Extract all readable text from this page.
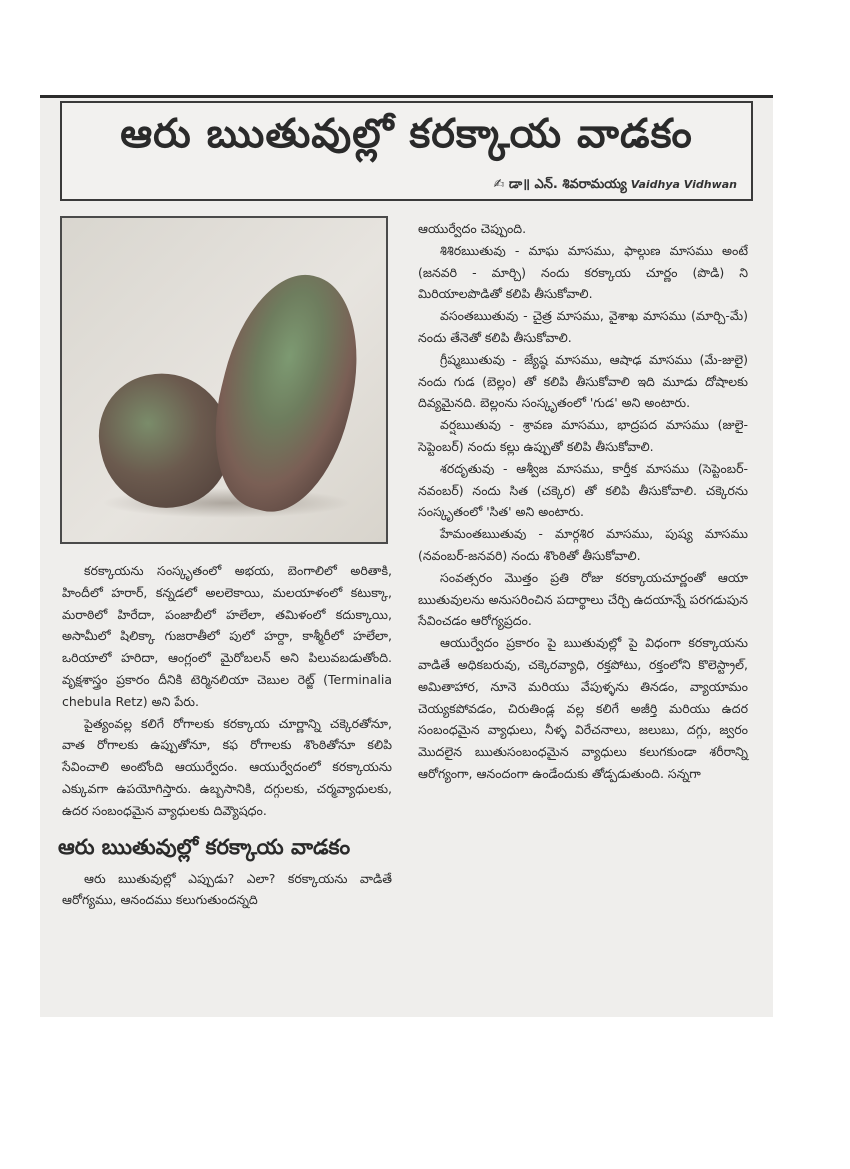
ఆరు ఋతువుల్లో కరక్కాయ వాడకం
✍ డా॥ ఎన్. శివరామయ్య Vaidhya Vidhwan

కరక్కాయను సంస్కృతంలో అభయ, బెంగాలిలో అరితాకి, హిందీలో హరార్, కన్నడలో అలలెకాయి, మలయాళంలో కటుక్కా, మరాఠిలో హిరేదా, పంజాబీలో హలేలా, తమిళంలో కదుక్కాయి, అసామీలో షిలిక్కా గుజరాతీలో పులో హర్దా, కాశ్మీరీలో హలేలా, ఒరియాలో హరిదా, ఆంగ్లంలో మైరోబలన్ అని పిలువబడుతోంది. వృక్షశాస్త్రం ప్రకారం దీనికి టెర్మినలియా చెబుల రెట్జ్ (Terminalia chebula Retz) అని పేరు.

పైత్యంవల్ల కలిగే రోగాలకు కరక్కాయ చూర్ణాన్ని చక్కెరతోనూ, వాత రోగాలకు ఉప్పుతోనూ, కఫ రోగాలకు శొంఠితోనూ కలిపి సేవించాలి అంటోంది ఆయుర్వేదం. ఆయుర్వేదంలో కరక్కాయను ఎక్కువగా ఉపయోగిస్తారు. ఉబ్బసానికి, దగ్గులకు, చర్మవ్యాధులకు, ఉదర సంబంధమైన వ్యాధులకు దివ్యౌషధం.

ఆరు ఋతువుల్లో కరక్కాయ వాడకం

ఆరు ఋతువుల్లో ఎప్పుడు? ఎలా? కరక్కాయను వాడితే ఆరోగ్యము, ఆనందము కలుగుతుందన్నది

ఆయుర్వేదం చెప్పుంది.

శిశిరఋతువు - మాఘ మాసము, ఫాల్గుణ మాసము అంటే (జనవరి - మార్చి) నందు కరక్కాయ చూర్ణం (పొడి) ని మిరియాలపొడితో కలిపి తీసుకోవాలి.

వసంతఋతువు - చైత్ర మాసము, వైశాఖ మాసము (మార్చి-మే) నందు తేనెతో కలిపి తీసుకోవాలి.

గ్రీష్మఋతువు - జ్యేష్ఠ మాసము, ఆషాఢ మాసము (మే-జులై) నందు గుడ (బెల్లం) తో కలిపి తీసుకోవాలి ఇది మూడు దోషాలకు దివ్యమైనది. బెల్లంను సంస్కృతంలో 'గుడ' అని అంటారు.

వర్షఋతువు - శ్రావణ మాసము, భాద్రపద మాసము (జులై-సెప్టెంబర్) నందు కల్లు ఉప్పుతో కలిపి తీసుకోవాలి.

శరదృతువు - ఆశ్వీజ మాసము, కార్తీక మాసము (సెప్టెంబర్-నవంబర్) నందు సిత (చక్కెర) తో కలిపి తీసుకోవాలి. చక్కెరను సంస్కృతంలో 'సిత' అని అంటారు.

హేమంతఋతువు - మార్గశిర మాసము, పుష్య మాసము (నవంబర్-జనవరి) నందు శొంఠితో తీసుకోవాలి.

సంవత్సరం మొత్తం ప్రతి రోజు కరక్కాయచూర్ణంతో ఆయా ఋతువులను అనుసరించిన పదార్థాలు చేర్చి ఉదయాన్నే పరగడుపున సేవించడం ఆరోగ్యప్రదం.

ఆయుర్వేదం ప్రకారం పై ఋతువుల్లో పై విధంగా కరక్కాయను వాడితే అధికబరువు, చక్కెరవ్యాధి, రక్తపోటు, రక్తంలోని కొలెస్ట్రాల్, అమితాహార, నూనె మరియు వేపుళ్ళను తినడం, వ్యాయామం చెయ్యకపోవడం, చిరుతిండ్ల వల్ల కలిగే అజీర్తి మరియు ఉదర సంబంధమైన వ్యాధులు, నీళ్ళ విరేచనాలు, జలుబు, దగ్గు, జ్వరం మొదలైన ఋతుసంబంధమైన వ్యాధులు కలుగకుండా శరీరాన్ని ఆరోగ్యంగా, ఆనందంగా ఉండేందుకు తోడ్పడుతుంది. సన్నగా
